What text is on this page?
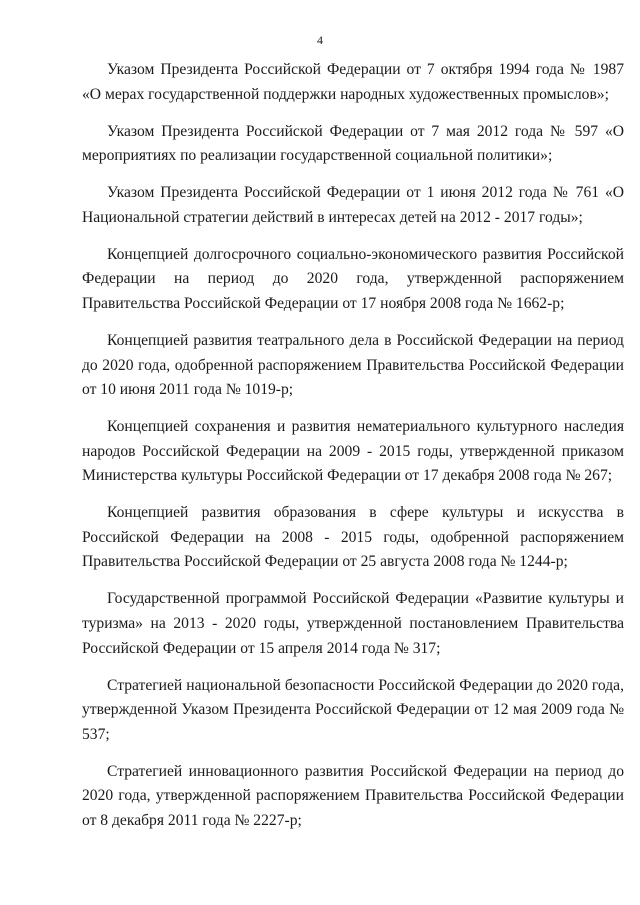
4

Указом Президента Российской Федерации от 7 октября 1994 года № 1987 «О мерах государственной поддержки народных художественных промыслов»;

Указом Президента Российской Федерации от 7 мая 2012 года № 597 «О мероприятиях по реализации государственной социальной политики»;

Указом Президента Российской Федерации от 1 июня 2012 года № 761 «О Национальной стратегии действий в интересах детей на 2012 - 2017 годы»;

Концепцией долгосрочного социально-экономического развития Российской Федерации на период до 2020 года, утвержденной распоряжением Правительства Российской Федерации от 17 ноября 2008 года № 1662-р;

Концепцией развития театрального дела в Российской Федерации на период до 2020 года, одобренной распоряжением Правительства Российской Федерации от 10 июня 2011 года № 1019-р;

Концепцией сохранения и развития нематериального культурного наследия народов Российской Федерации на 2009 - 2015 годы, утвержденной приказом Министерства культуры Российской Федерации от 17 декабря 2008 года № 267;

Концепцией развития образования в сфере культуры и искусства в Российской Федерации на 2008 - 2015 годы, одобренной распоряжением Правительства Российской Федерации от 25 августа 2008 года № 1244-р;

Государственной программой Российской Федерации «Развитие культуры и туризма» на 2013 - 2020 годы, утвержденной постановлением Правительства Российской Федерации от 15 апреля 2014 года № 317;

Стратегией национальной безопасности Российской Федерации до 2020 года, утвержденной Указом Президента Российской Федерации от 12 мая 2009 года № 537;

Стратегией инновационного развития Российской Федерации на период до 2020 года, утвержденной распоряжением Правительства Российской Федерации от 8 декабря 2011 года № 2227-р;
